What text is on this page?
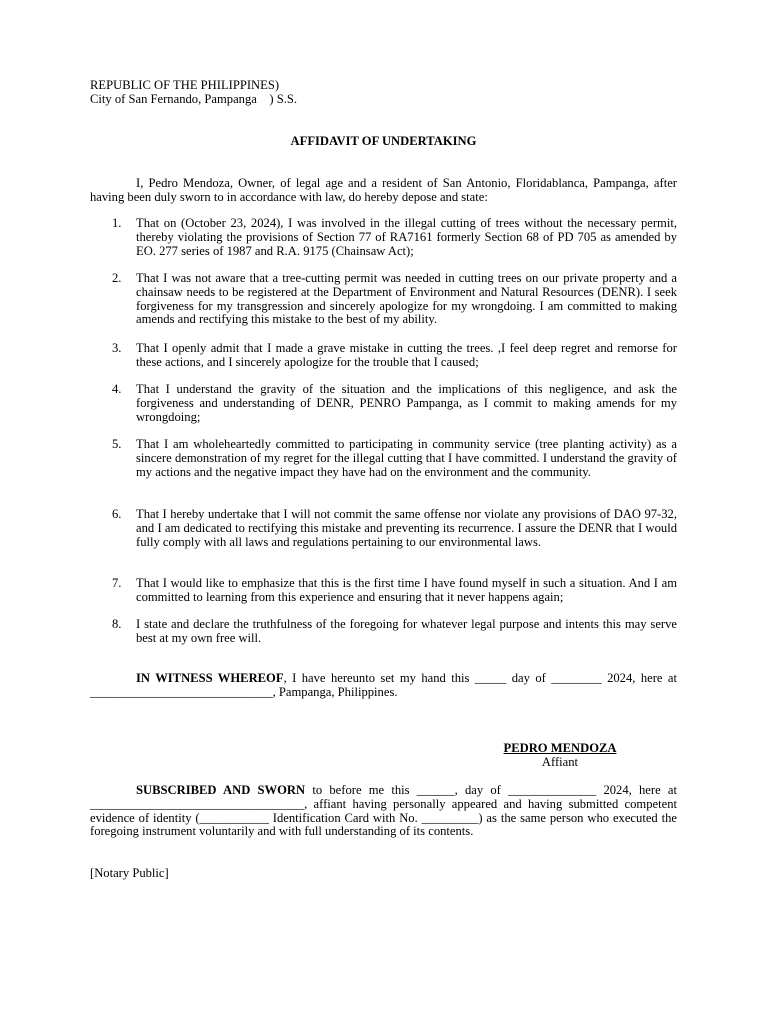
REPUBLIC OF THE PHILIPPINES)
City of San Fernando, Pampanga    ) S.S.
AFFIDAVIT OF UNDERTAKING
I, Pedro Mendoza, Owner, of legal age and a resident of San Antonio, Floridablanca, Pampanga, after having been duly sworn to in accordance with law, do hereby depose and state:
1. That on (October 23, 2024), I was involved in the illegal cutting of trees without the necessary permit, thereby violating the provisions of Section 77 of RA7161 formerly Section 68 of PD 705 as amended by EO. 277 series of 1987 and R.A. 9175 (Chainsaw Act);
2. That I was not aware that a tree-cutting permit was needed in cutting trees on our private property and a chainsaw needs to be registered at the Department of Environment and Natural Resources (DENR). I seek forgiveness for my transgression and sincerely apologize for my wrongdoing. I am committed to making amends and rectifying this mistake to the best of my ability.
3. That I openly admit that I made a grave mistake in cutting the trees. ,I feel deep regret and remorse for these actions, and I sincerely apologize for the trouble that I caused;
4. That I understand the gravity of the situation and the implications of this negligence, and ask the forgiveness and understanding of DENR, PENRO Pampanga, as I commit to making amends for my wrongdoing;
5. That I am wholeheartedly committed to participating in community service (tree planting activity) as a sincere demonstration of my regret for the illegal cutting that I have committed. I understand the gravity of my actions and the negative impact they have had on the environment and the community.
6. That I hereby undertake that I will not commit the same offense nor violate any provisions of DAO 97-32, and I am dedicated to rectifying this mistake and preventing its recurrence. I assure the DENR that I would fully comply with all laws and regulations pertaining to our environmental laws.
7. That I would like to emphasize that this is the first time I have found myself in such a situation. And I am committed to learning from this experience and ensuring that it never happens again;
8. I state and declare the truthfulness of the foregoing for whatever legal purpose and intents this may serve best at my own free will.
IN WITNESS WHEREOF, I have hereunto set my hand this _____ day of ________ 2024, here at _____________________________, Pampanga, Philippines.
PEDRO MENDOZA
Affiant
SUBSCRIBED AND SWORN to before me this ______, day of ______________ 2024, here at __________________________________, affiant having personally appeared and having submitted competent evidence of identity (___________ Identification Card with No. _________) as the same person who executed the foregoing instrument voluntarily and with full understanding of its contents.
[Notary Public]
